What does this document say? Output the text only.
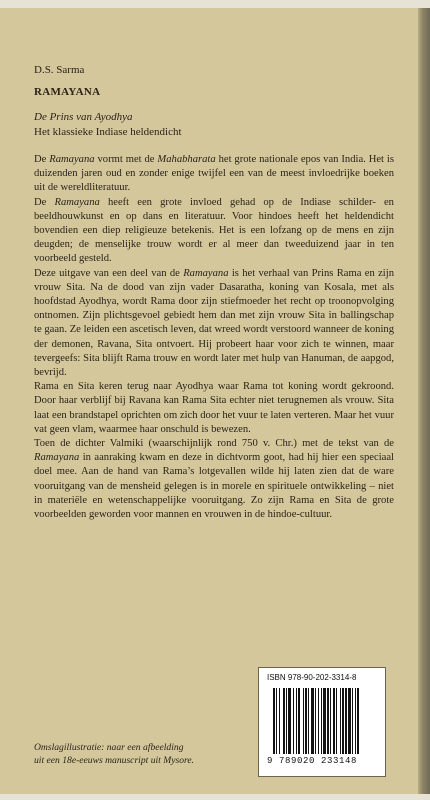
D.S. Sarma
RAMAYANA
De Prins van Ayodhya
Het klassieke Indiase heldendicht

De Ramayana vormt met de Mahabharata het grote nationale epos van India. Het is duizenden jaren oud en zonder enige twijfel een van de meest invloedrijke boeken uit de wereldliteratuur.

De Ramayana heeft een grote invloed gehad op de Indiase schilder- en beeldhouwkunst en op dans en literatuur. Voor hindoes heeft het heldendicht bovendien een diep religieuze betekenis. Het is een lofzang op de mens en zijn deugden; de menselijke trouw wordt er al meer dan tweeduizend jaar in ten voorbeeld gesteld.

Deze uitgave van een deel van de Ramayana is het verhaal van Prins Rama en zijn vrouw Sita. Na de dood van zijn vader Dasaratha, koning van Kosala, met als hoofdstad Ayodhya, wordt Rama door zijn stiefmoeder het recht op troonopvolging ontnomen. Zijn plichtsgevoel gebiedt hem dan met zijn vrouw Sita in ballingschap te gaan. Ze leiden een ascetisch leven, dat wreed wordt verstoord wanneer de koning der demonen, Ravana, Sita ontvoert. Hij probeert haar voor zich te winnen, maar tevergeefs: Sita blijft Rama trouw en wordt later met hulp van Hanuman, de aapgod, bevrijd.

Rama en Sita keren terug naar Ayodhya waar Rama tot koning wordt gekroond. Door haar verblijf bij Ravana kan Rama Sita echter niet terugnemen als vrouw. Sita laat een brandstapel oprichten om zich door het vuur te laten verteren. Maar het vuur vat geen vlam, waarmee haar onschuld is bewezen.

Toen de dichter Valmiki (waarschijnlijk rond 750 v. Chr.) met de tekst van de Ramayana in aanraking kwam en deze in dichtvorm goot, had hij hier een speciaal doel mee. Aan de hand van Rama’s lotgevallen wilde hij laten zien dat de ware vooruitgang van de mensheid gelegen is in morele en spirituele ontwikkeling – niet in materiële en wetenschappelijke vooruitgang. Zo zijn Rama en Sita de grote voorbeelden geworden voor mannen en vrouwen in de hindoe-cultuur.

ISBN 978-90-202-3314-8
9 789020 233148
Omslagillustratie: naar een afbeelding
uit een 18e-eeuws manuscript uit Mysore.
